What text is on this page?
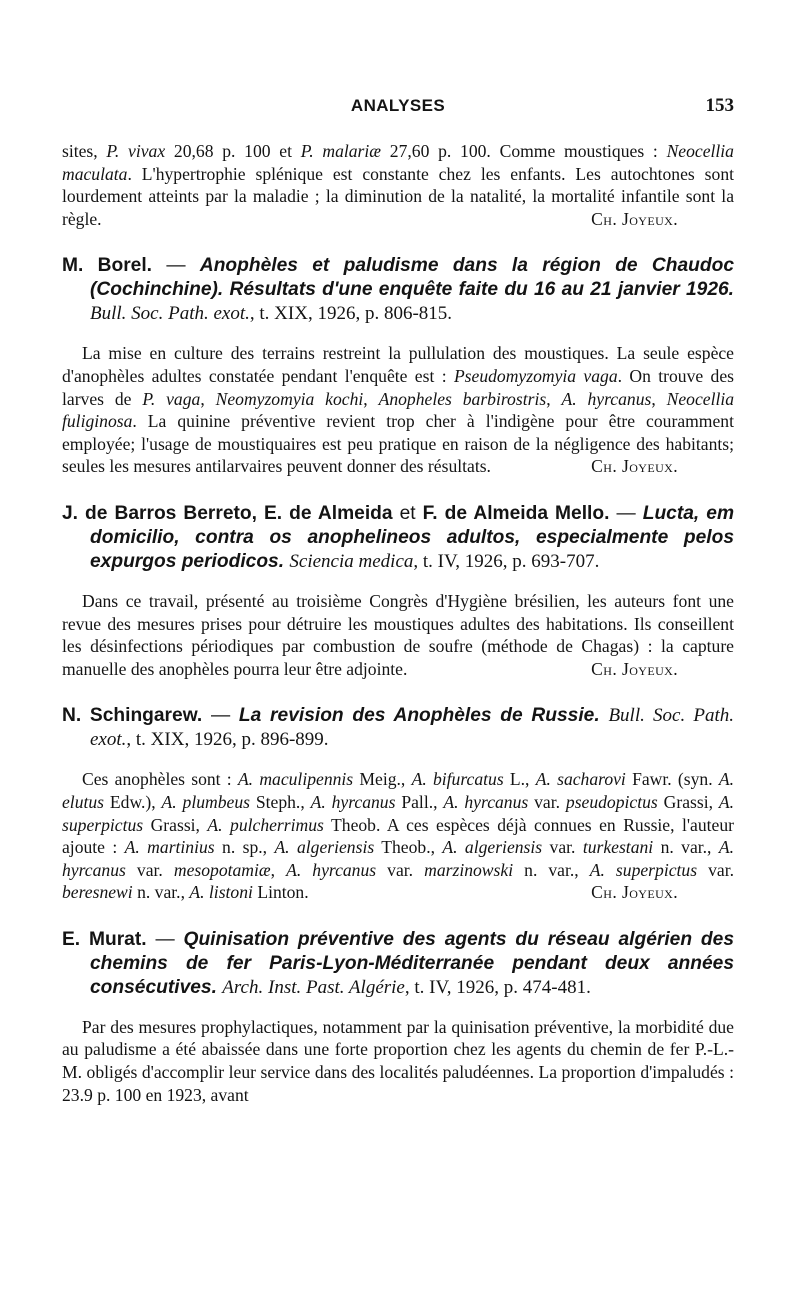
ANALYSES	153

sites, P. vivax 20,68 p. 100 et P. malariæ 27,60 p. 100. Comme moustiques : Neocellia maculata. L'hypertrophie splénique est constante chez les enfants. Les autochtones sont lourdement atteints par la maladie ; la diminution de la natalité, la mortalité infantile sont la règle.	Ch. Joyeux.

M. Borel. — Anophèles et paludisme dans la région de Chaudoc (Cochinchine). Résultats d'une enquête faite du 16 au 21 janvier 1926. Bull. Soc. Path. exot., t. XIX, 1926, p. 806-815.

La mise en culture des terrains restreint la pullulation des moustiques. La seule espèce d'anophèles adultes constatée pendant l'enquête est : Pseudomyzomyia vaga. On trouve des larves de P. vaga, Neomyzomyia kochi, Anopheles barbirostris, A. hyrcanus, Neocellia fuliginosa. La quinine préventive revient trop cher à l'indigène pour être couramment employée; l'usage de moustiquaires est peu pratique en raison de la négligence des habitants; seules les mesures antilarvaires peuvent donner des résultats.	Ch. Joyeux.

J. de Barros Berreto, E. de Almeida et F. de Almeida Mello. — Lucta, em domicilio, contra os anophelineos adultos, especialmente pelos expurgos periodicos. Sciencia medica, t. IV, 1926, p. 693-707.

Dans ce travail, présenté au troisième Congrès d'Hygiène brésilien, les auteurs font une revue des mesures prises pour détruire les moustiques adultes des habitations. Ils conseillent les désinfections périodiques par combustion de soufre (méthode de Chagas) : la capture manuelle des anophèles pourra leur être adjointe.	Ch. Joyeux.

N. Schingarew. — La revision des Anophèles de Russie. Bull. Soc. Path. exot., t. XIX, 1926, p. 896-899.

Ces anophèles sont : A. maculipennis Meig., A. bifurcatus L., A. sacharovi Fawr. (syn. A. elutus Edw.), A. plumbeus Steph., A. hyrcanus Pall., A. hyrcanus var. pseudopictus Grassi, A. superpictus Grassi, A. pulcherrimus Theob. A ces espèces déjà connues en Russie, l'auteur ajoute : A. martinius n. sp., A. algeriensis Theob., A. algeriensis var. turkestani n. var., A. hyrcanus var. mesopotamiæ, A. hyrcanus var. marzinowski n. var., A. superpictus var. beresnewi n. var., A. listoni Linton.	Ch. Joyeux.

E. Murat. — Quinisation préventive des agents du réseau algérien des chemins de fer Paris-Lyon-Méditerranée pendant deux années consécutives. Arch. Inst. Past. Algérie, t. IV, 1926, p. 474-481.

Par des mesures prophylactiques, notamment par la quinisation préventive, la morbidité due au paludisme a été abaissée dans une forte proportion chez les agents du chemin de fer P.-L.-M. obligés d'accomplir leur service dans des localités paludéennes. La proportion d'impaludés : 23.9 p. 100 en 1923, avant
